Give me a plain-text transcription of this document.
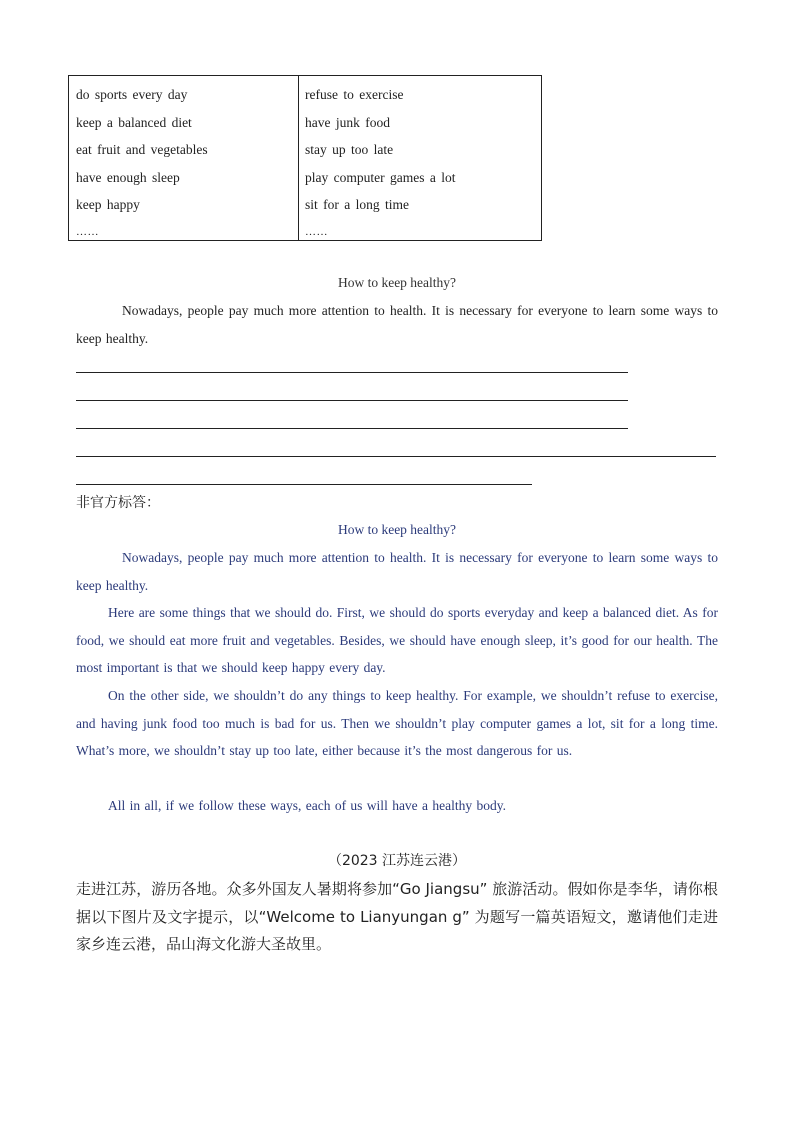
do sports every day
keep a balanced diet
eat fruit and vegetables
have enough sleep
keep happy
……
refuse to exercise
have junk food
stay up too late
play computer games a lot
sit for a long time
……
How to keep healthy?
Nowadays, people pay much more attention to health. It is necessary for everyone to learn some ways to keep healthy.
非官方标答：
How to keep healthy?
Nowadays, people pay much more attention to health. It is necessary for everyone to learn some ways to keep healthy.
Here are some things that we should do. First, we should do sports everyday and keep a balanced diet. As for food, we should eat more fruit and vegetables. Besides, we should have enough sleep, it’s good for our health. The most important is that we should keep happy every day.
On the other side, we shouldn’t do any things to keep healthy. For example, we shouldn’t refuse to exercise, and having junk food too much is bad for us. Then we shouldn’t play computer games a lot, sit for a long time. What’s more, we shouldn’t stay up too late, either because it’s the most dangerous for us.
All in all, if we follow these ways, each of us will have a healthy body.
（2023 江苏连云港）
走进江苏，游历各地。众多外国友人暑期将参加“Go Jiangsu” 旅游活动。假如你是李华，请你根据以下图片及文字提示，以“Welcome to Lianyungan g” 为题写一篇英语短文，邀请他们走进家乡连云港，品山海文化游大圣故里。
